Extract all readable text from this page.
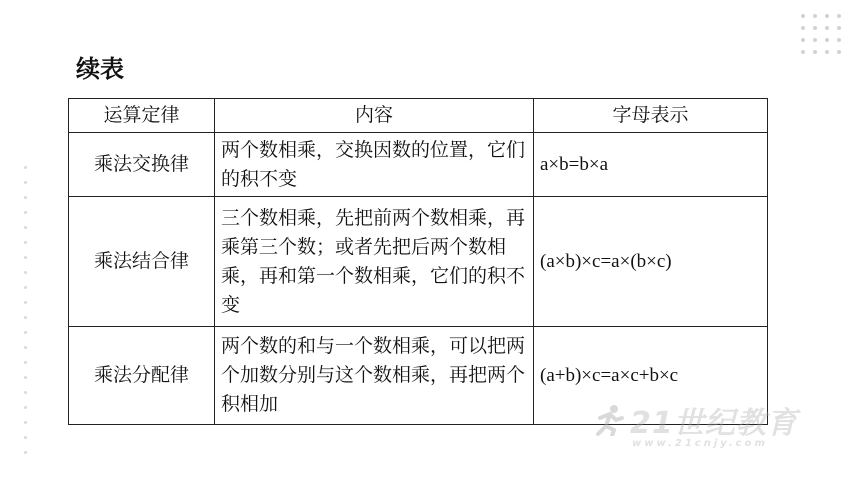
续表
运算定律	内容	字母表示
乘法交换律	两个数相乘，交换因数的位置，它们的积不变	a×b=b×a
乘法结合律	三个数相乘，先把前两个数相乘，再乘第三个数；或者先把后两个数相乘，再和第一个数相乘，它们的积不变	(a×b)×c=a×(b×c)
乘法分配律	两个数的和与一个数相乘，可以把两个加数分别与这个数相乘，再把两个积相加	(a+b)×c=a×c+b×c
21世纪教育
www.21cnjy.com
